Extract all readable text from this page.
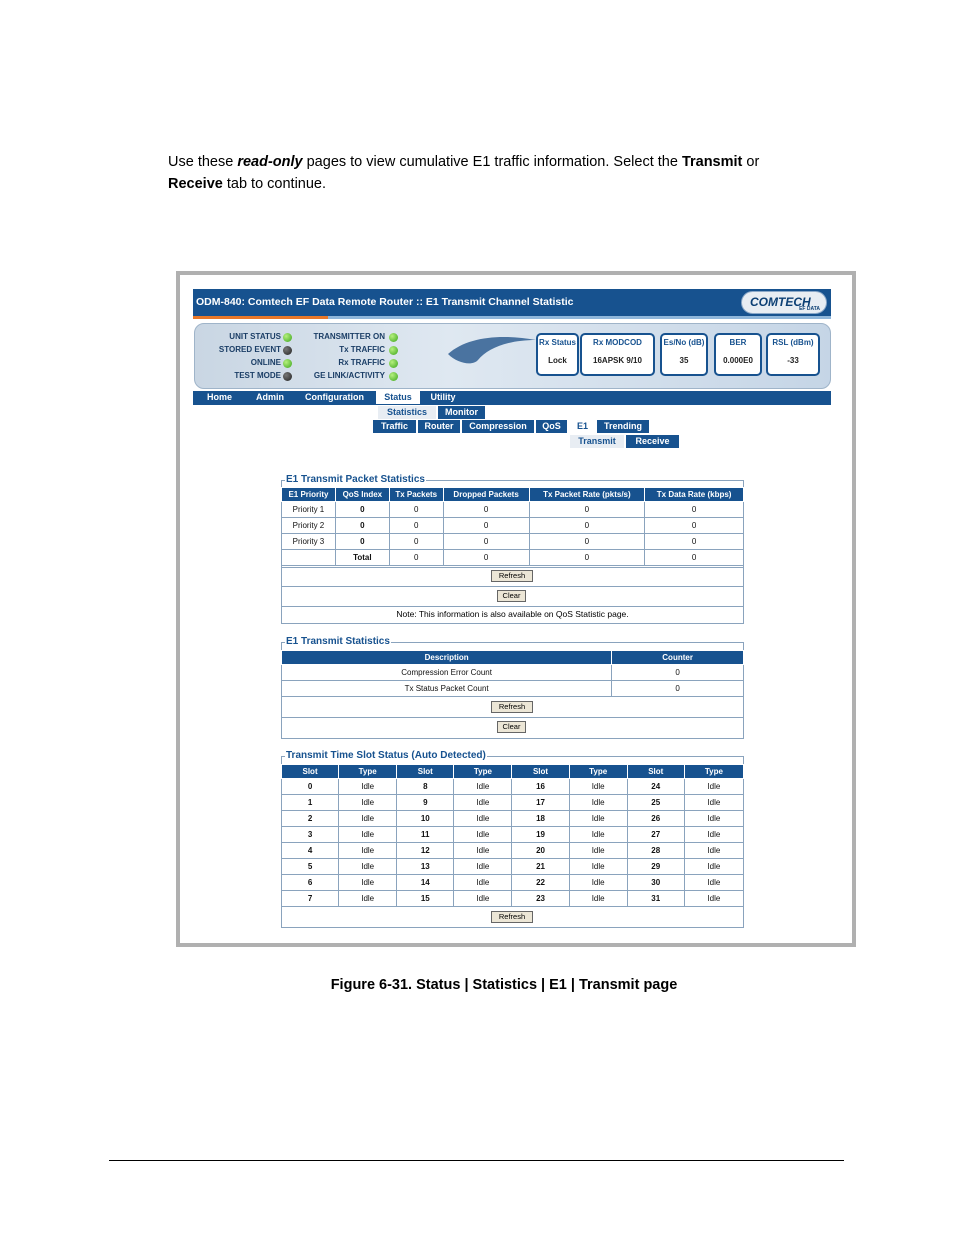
Use these read-only pages to view cumulative E1 traffic information. Select the Transmit or
Receive tab to continue.
ODM-840: Comtech EF Data Remote Router :: E1 Transmit Channel Statistic	COMTECH
EF DATA
UNIT STATUS
STORED EVENT
ONLINE
TEST MODE
TRANSMITTER ON
Tx TRAFFIC
Rx TRAFFIC
GE LINK/ACTIVITY
Rx Status
Lock
Rx MODCOD
16APSK 9/10
Es/No (dB)
35
BER
0.000E0
RSL (dBm)
-33
Home	Admin	Configuration	Status	Utility
Statistics	Monitor
Traffic	Router	Compression	QoS	E1	Trending
Transmit	Receive
E1 Transmit Packet Statistics
E1 Priority	QoS Index	Tx Packets	Dropped Packets	Tx Packet Rate (pkts/s)	Tx Data Rate (kbps)
Priority 1	0	0	0	0	0
Priority 2	0	0	0	0	0
Priority 3	0	0	0	0	0
	Total	0	0	0	0
Refresh
Clear
Note: This information is also available on QoS Statistic page.
E1 Transmit Statistics
Description	Counter
Compression Error Count	0
Tx Status Packet Count	0
Refresh
Clear
Transmit Time Slot Status (Auto Detected)
Slot	Type	Slot	Type	Slot	Type	Slot	Type
0	Idle	8	Idle	16	Idle	24	Idle
1	Idle	9	Idle	17	Idle	25	Idle
2	Idle	10	Idle	18	Idle	26	Idle
3	Idle	11	Idle	19	Idle	27	Idle
4	Idle	12	Idle	20	Idle	28	Idle
5	Idle	13	Idle	21	Idle	29	Idle
6	Idle	14	Idle	22	Idle	30	Idle
7	Idle	15	Idle	23	Idle	31	Idle
Refresh
Figure 6-31. Status | Statistics | E1 | Transmit page
